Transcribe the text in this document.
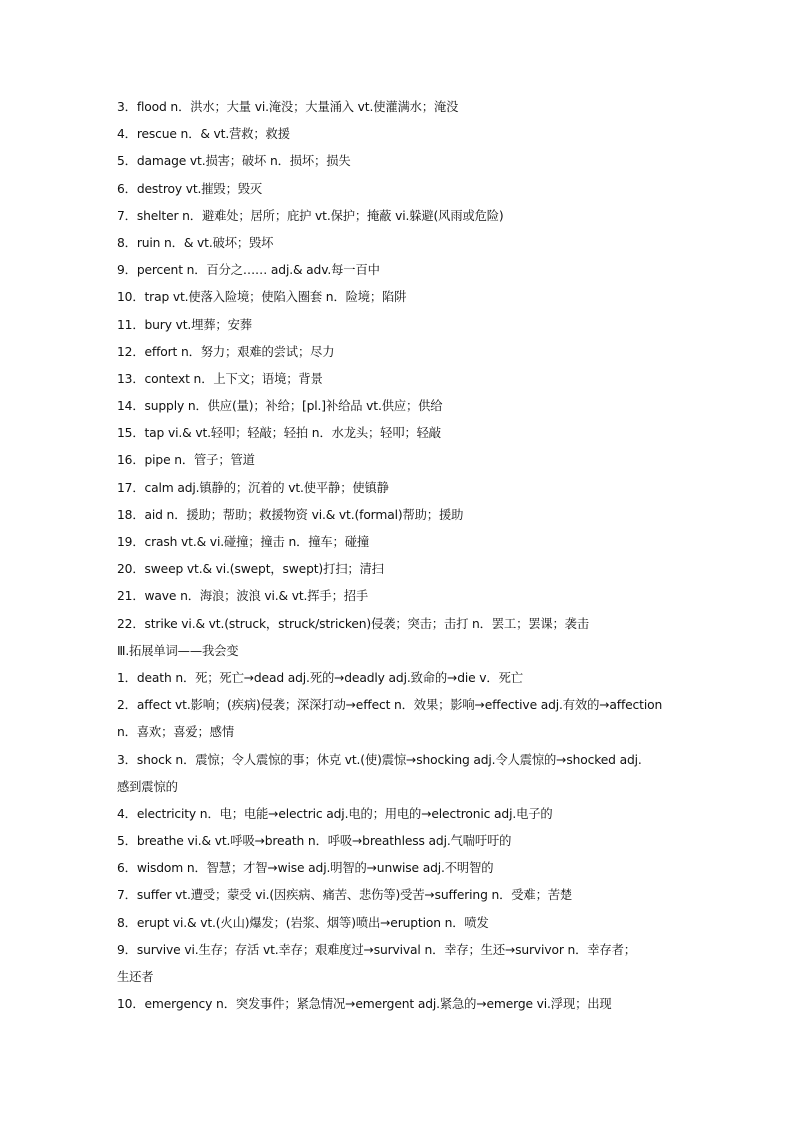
3．flood n．洪水；大量 vi.淹没；大量涌入 vt.使灌满水；淹没
4．rescue n．& vt.营救；救援
5．damage vt.损害；破坏 n．损坏；损失
6．destroy vt.摧毁；毁灭
7．shelter n．避难处；居所；庇护 vt.保护；掩蔽 vi.躲避(风雨或危险)
8．ruin n．& vt.破坏；毁坏
9．percent n．百分之…… adj.& adv.每一百中
10．trap vt.使落入险境；使陷入圈套 n．险境；陷阱
11．bury vt.埋葬；安葬
12．effort n．努力；艰难的尝试；尽力
13．context n．上下文；语境；背景
14．supply n．供应(量)；补给；[pl.]补给品 vt.供应；供给
15．tap vi.& vt.轻叩；轻敲；轻拍 n．水龙头；轻叩；轻敲
16．pipe n．管子；管道
17．calm adj.镇静的；沉着的 vt.使平静；使镇静
18．aid n．援助；帮助；救援物资 vi.& vt.(formal)帮助；援助
19．crash vt.& vi.碰撞；撞击 n．撞车；碰撞
20．sweep vt.& vi.(swept，swept)打扫；清扫
21．wave n．海浪；波浪 vi.& vt.挥手；招手
22．strike vi.& vt.(struck，struck/stricken)侵袭；突击；击打 n．罢工；罢课；袭击
Ⅲ.拓展单词——我会变
1．death n．死；死亡→dead adj.死的→deadly adj.致命的→die v．死亡
2．affect vt.影响；(疾病)侵袭；深深打动→effect n．效果；影响→effective adj.有效的→affection
n．喜欢；喜爱；感情
3．shock n．震惊；令人震惊的事；休克 vt.(使)震惊→shocking adj.令人震惊的→shocked adj.
感到震惊的
4．electricity n．电；电能→electric adj.电的；用电的→electronic adj.电子的
5．breathe vi.& vt.呼吸→breath n．呼吸→breathless adj.气喘吁吁的
6．wisdom n．智慧；才智→wise adj.明智的→unwise adj.不明智的
7．suffer vt.遭受；蒙受 vi.(因疾病、痛苦、悲伤等)受苦→suffering n．受难；苦楚
8．erupt vi.& vt.(火山)爆发；(岩浆、烟等)喷出→eruption n．喷发
9．survive vi.生存；存活 vt.幸存；艰难度过→survival n．幸存；生还→survivor n．幸存者；
生还者
10．emergency n．突发事件；紧急情况→emergent adj.紧急的→emerge vi.浮现；出现
